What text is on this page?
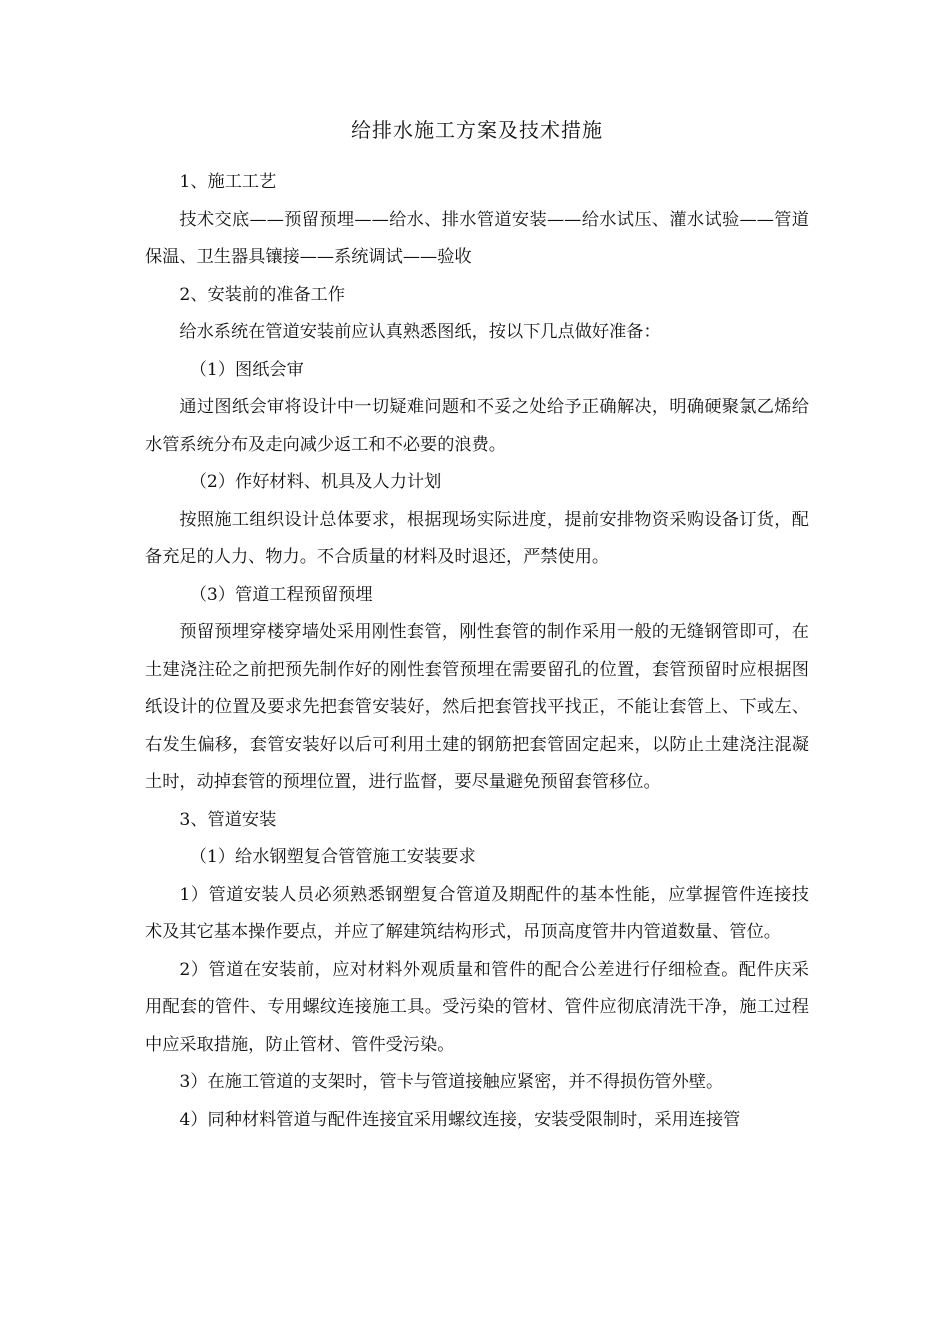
给排水施工方案及技术措施

1、施工工艺

技术交底——预留预埋——给水、排水管道安装——给水试压、灌水试验——管道保温、卫生器具镶接——系统调试——验收

2、安装前的准备工作

给水系统在管道安装前应认真熟悉图纸，按以下几点做好准备：

（1）图纸会审

通过图纸会审将设计中一切疑难问题和不妥之处给予正确解决，明确硬聚氯乙烯给水管系统分布及走向减少返工和不必要的浪费。

（2）作好材料、机具及人力计划

按照施工组织设计总体要求，根据现场实际进度，提前安排物资采购设备订货，配备充足的人力、物力。不合质量的材料及时退还，严禁使用。

（3）管道工程预留预埋

预留预埋穿楼穿墙处采用刚性套管，刚性套管的制作采用一般的无缝钢管即可，在土建浇注砼之前把预先制作好的刚性套管预埋在需要留孔的位置，套管预留时应根据图纸设计的位置及要求先把套管安装好，然后把套管找平找正，不能让套管上、下或左、右发生偏移，套管安装好以后可利用土建的钢筋把套管固定起来，以防止土建浇注混凝土时，动掉套管的预埋位置，进行监督，要尽量避免预留套管移位。

3、管道安装

（1）给水钢塑复合管管施工安装要求

1）管道安装人员必须熟悉钢塑复合管道及期配件的基本性能，应掌握管件连接技术及其它基本操作要点，并应了解建筑结构形式，吊顶高度管井内管道数量、管位。

2）管道在安装前，应对材料外观质量和管件的配合公差进行仔细检查。配件庆采用配套的管件、专用螺纹连接施工具。受污染的管材、管件应彻底清洗干净，施工过程中应采取措施，防止管材、管件受污染。

3）在施工管道的支架时，管卡与管道接触应紧密，并不得损伤管外壁。

4）同种材料管道与配件连接宜采用螺纹连接，安装受限制时，采用连接管
